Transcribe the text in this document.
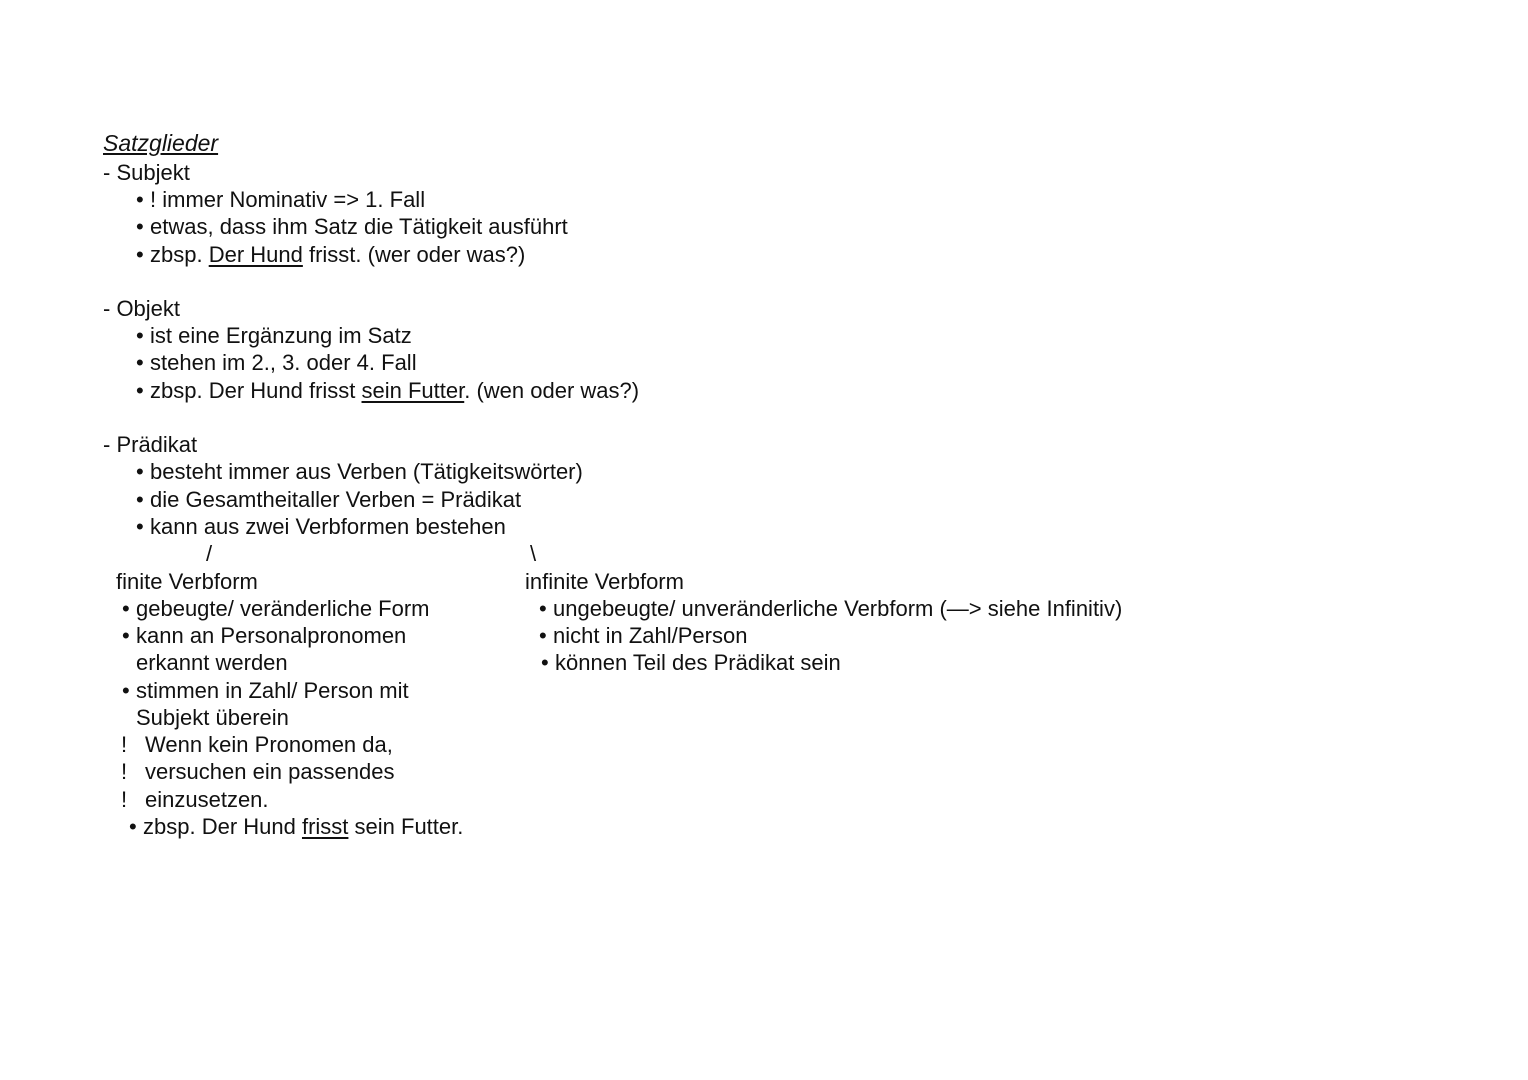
Satzglieder
- Subjekt
• ! immer Nominativ => 1. Fall
• etwas, dass ihm Satz die Tätigkeit ausführt
• zbsp. Der Hund frisst. (wer oder was?)
- Objekt
• ist eine Ergänzung im Satz
• stehen im 2., 3. oder 4. Fall
• zbsp. Der Hund frisst sein Futter. (wen oder was?)
- Prädikat
• besteht immer aus Verben (Tätigkeitswörter)
• die Gesamtheitaller Verben = Prädikat
• kann aus zwei Verbformen bestehen
/	\
finite Verbform
• gebeugte/ veränderliche Form
• kann an Personalpronomen
erkannt werden
• stimmen in Zahl/ Person mit
Subjekt überein
! Wenn kein Pronomen da,
! versuchen ein passendes
! einzusetzen.
• zbsp. Der Hund frisst sein Futter.
infinite Verbform
• ungebeugte/ unveränderliche Verbform (—> siehe Infinitiv)
• nicht in Zahl/Person
• können Teil des Prädikat sein
